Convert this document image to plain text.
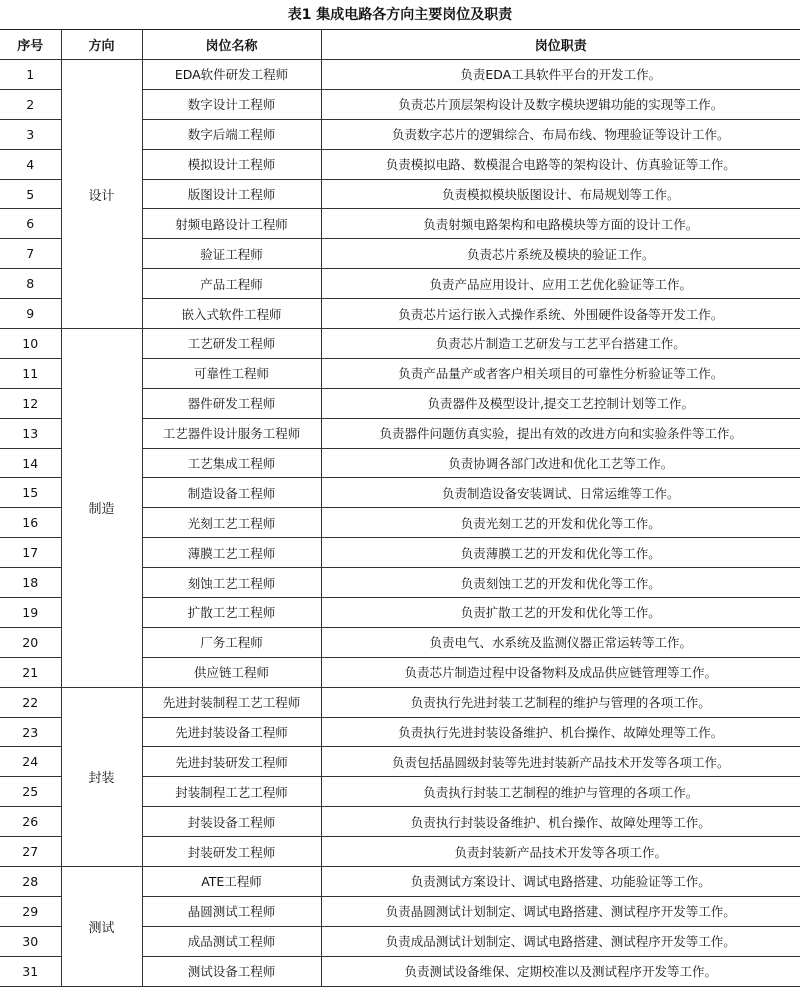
表1 集成电路各方向主要岗位及职责
序号	方向	岗位名称	岗位职责
1	设计	EDA软件研发工程师	负责EDA工具软件平台的开发工作。
2		数字设计工程师	负责芯片顶层架构设计及数字模块逻辑功能的实现等工作。
3		数字后端工程师	负责数字芯片的逻辑综合、布局布线、物理验证等设计工作。
4		模拟设计工程师	负责模拟电路、数模混合电路等的架构设计、仿真验证等工作。
5		版图设计工程师	负责模拟模块版图设计、布局规划等工作。
6		射频电路设计工程师	负责射频电路架构和电路模块等方面的设计工作。
7		验证工程师	负责芯片系统及模块的验证工作。
8		产品工程师	负责产品应用设计、应用工艺优化验证等工作。
9		嵌入式软件工程师	负责芯片运行嵌入式操作系统、外围硬件设备等开发工作。
10	制造	工艺研发工程师	负责芯片制造工艺研发与工艺平台搭建工作。
11		可靠性工程师	负责产品量产或者客户相关项目的可靠性分析验证等工作。
12		器件研发工程师	负责器件及模型设计,提交工艺控制计划等工作。
13		工艺器件设计服务工程师	负责器件问题仿真实验，提出有效的改进方向和实验条件等工作。
14		工艺集成工程师	负责协调各部门改进和优化工艺等工作。
15		制造设备工程师	负责制造设备安装调试、日常运维等工作。
16		光刻工艺工程师	负责光刻工艺的开发和优化等工作。
17		薄膜工艺工程师	负责薄膜工艺的开发和优化等工作。
18		刻蚀工艺工程师	负责刻蚀工艺的开发和优化等工作。
19		扩散工艺工程师	负责扩散工艺的开发和优化等工作。
20		厂务工程师	负责电气、水系统及监测仪器正常运转等工作。
21		供应链工程师	负责芯片制造过程中设备物料及成品供应链管理等工作。
22	封装	先进封装制程工艺工程师	负责执行先进封装工艺制程的维护与管理的各项工作。
23		先进封装设备工程师	负责执行先进封装设备维护、机台操作、故障处理等工作。
24		先进封装研发工程师	负责包括晶圆级封装等先进封装新产品技术开发等各项工作。
25		封装制程工艺工程师	负责执行封装工艺制程的维护与管理的各项工作。
26		封装设备工程师	负责执行封装设备维护、机台操作、故障处理等工作。
27		封装研发工程师	负责封装新产品技术开发等各项工作。
28	测试	ATE工程师	负责测试方案设计、调试电路搭建、功能验证等工作。
29		晶圆测试工程师	负责晶圆测试计划制定、调试电路搭建、测试程序开发等工作。
30		成品测试工程师	负责成品测试计划制定、调试电路搭建、测试程序开发等工作。
31		测试设备工程师	负责测试设备维保、定期校准以及测试程序开发等工作。
